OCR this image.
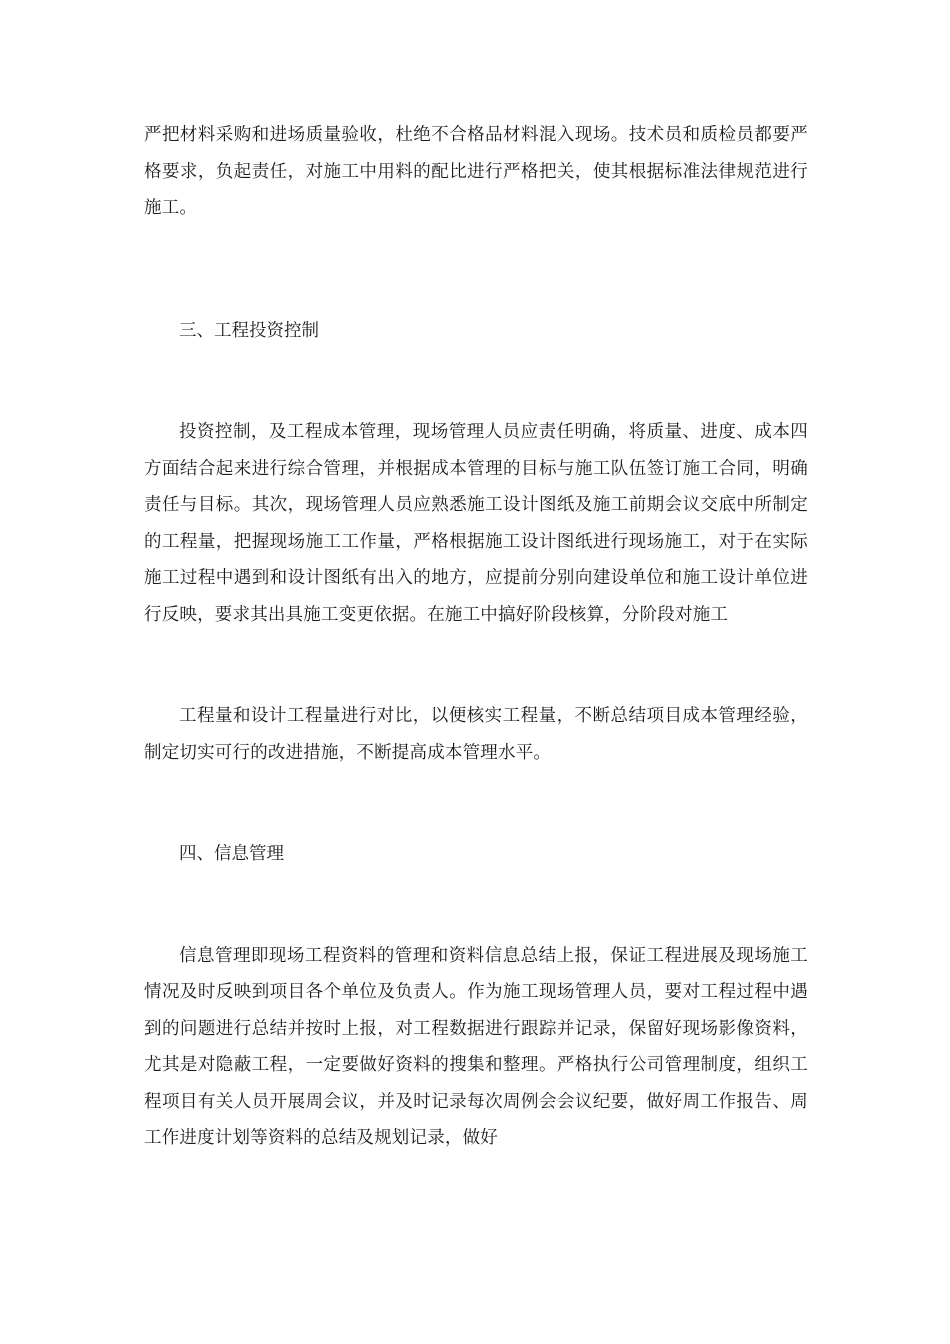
严把材料采购和进场质量验收，杜绝不合格品材料混入现场。技术员和质检员都要严格要求，负起责任，对施工中用料的配比进行严格把关，使其根据标准法律规范进行施工。

三、工程投资控制

投资控制，及工程成本管理，现场管理人员应责任明确，将质量、进度、成本四方面结合起来进行综合管理，并根据成本管理的目标与施工队伍签订施工合同，明确责任与目标。其次，现场管理人员应熟悉施工设计图纸及施工前期会议交底中所制定的工程量，把握现场施工工作量，严格根据施工设计图纸进行现场施工，对于在实际施工过程中遇到和设计图纸有出入的地方，应提前分别向建设单位和施工设计单位进行反映，要求其出具施工变更依据。在施工中搞好阶段核算，分阶段对施工

工程量和设计工程量进行对比，以便核实工程量，不断总结项目成本管理经验，制定切实可行的改进措施，不断提高成本管理水平。

四、信息管理

信息管理即现场工程资料的管理和资料信息总结上报，保证工程进展及现场施工情况及时反映到项目各个单位及负责人。作为施工现场管理人员，要对工程过程中遇到的问题进行总结并按时上报，对工程数据进行跟踪并记录，保留好现场影像资料，尤其是对隐蔽工程，一定要做好资料的搜集和整理。严格执行公司管理制度，组织工程项目有关人员开展周会议，并及时记录每次周例会会议纪要，做好周工作报告、周工作进度计划等资料的总结及规划记录，做好
